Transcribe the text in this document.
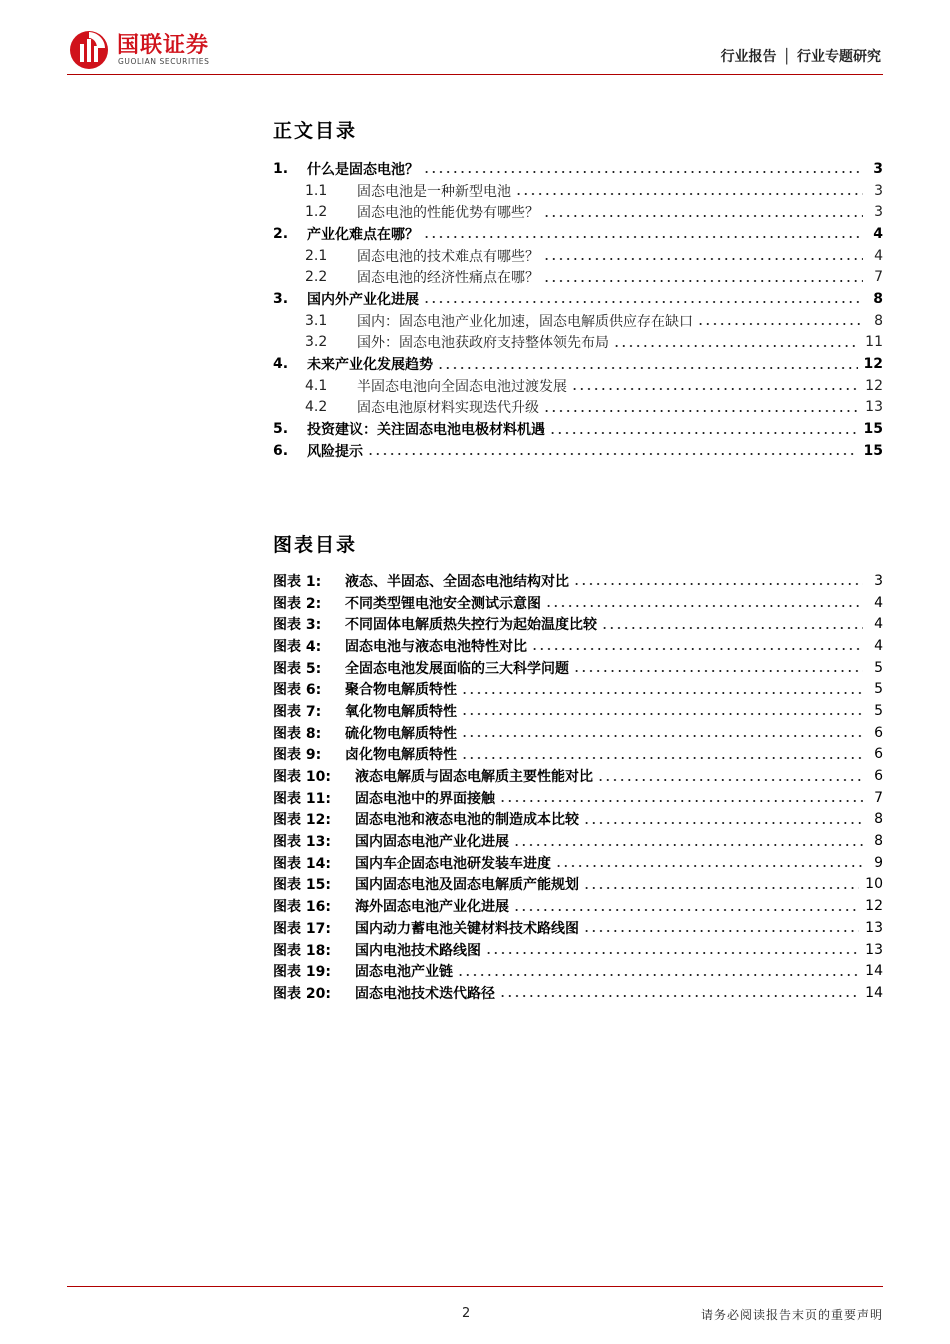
国联证券
GUOLIAN SECURITIES	行业报告 │ 行业专题研究
正文目录
1.	什么是固态电池？	3
1.1	固态电池是一种新型电池	3
1.2	固态电池的性能优势有哪些？	3
2.	产业化难点在哪？	4
2.1	固态电池的技术难点有哪些？	4
2.2	固态电池的经济性痛点在哪？	7
3.	国内外产业化进展	8
3.1	国内：固态电池产业化加速，固态电解质供应存在缺口	8
3.2	国外：固态电池获政府支持整体领先布局	11
4.	未来产业化发展趋势	12
4.1	半固态电池向全固态电池过渡发展	12
4.2	固态电池原材料实现迭代升级	13
5.	投资建议：关注固态电池电极材料机遇	15
6.	风险提示	15
图表目录
图表 1:	液态、半固态、全固态电池结构对比	3
图表 2:	不同类型锂电池安全测试示意图	4
图表 3:	不同固体电解质热失控行为起始温度比较	4
图表 4:	固态电池与液态电池特性对比	4
图表 5:	全固态电池发展面临的三大科学问题	5
图表 6:	聚合物电解质特性	5
图表 7:	氧化物电解质特性	5
图表 8:	硫化物电解质特性	6
图表 9:	卤化物电解质特性	6
图表 10:	液态电解质与固态电解质主要性能对比	6
图表 11:	固态电池中的界面接触	7
图表 12:	固态电池和液态电池的制造成本比较	8
图表 13:	国内固态电池产业化进展	8
图表 14:	国内车企固态电池研发装车进度	9
图表 15:	国内固态电池及固态电解质产能规划	10
图表 16:	海外固态电池产业化进展	12
图表 17:	国内动力蓄电池关键材料技术路线图	13
图表 18:	国内电池技术路线图	13
图表 19:	固态电池产业链	14
图表 20:	固态电池技术迭代路径	14
2	请务必阅读报告末页的重要声明
